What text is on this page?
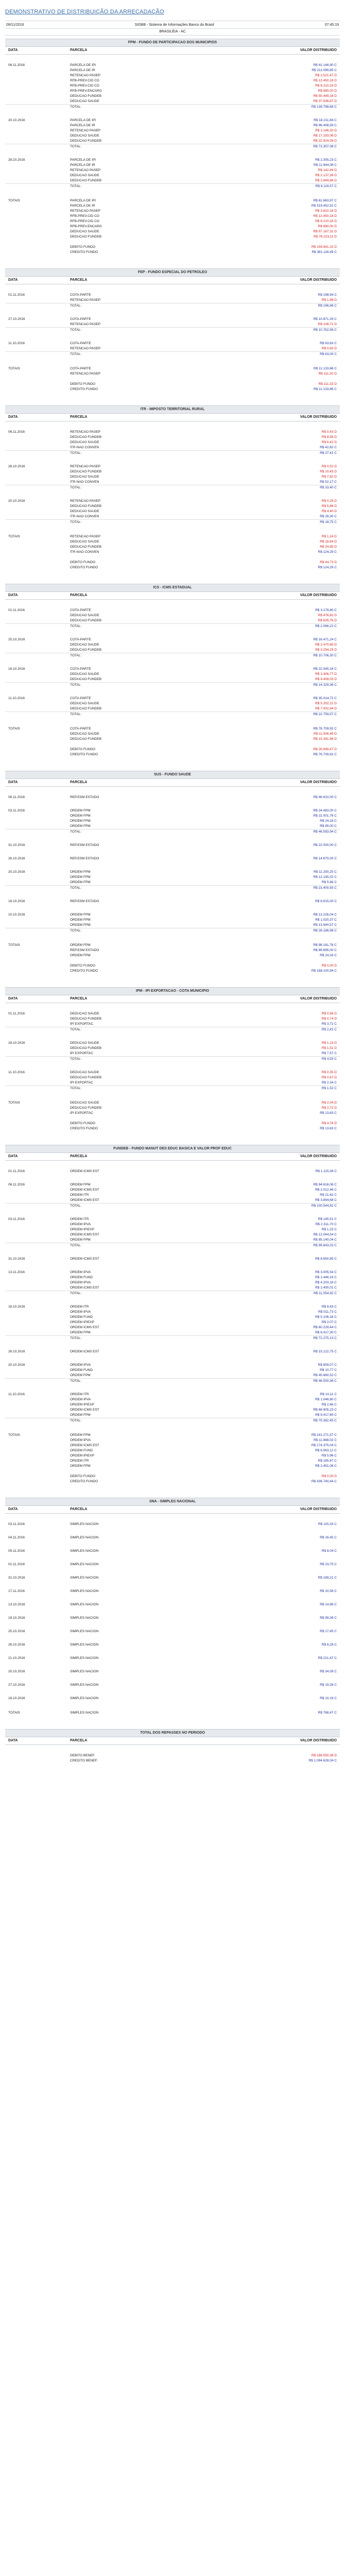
DEMONSTRATIVO DE DISTRIBUIÇÃO DA ARRECADAÇÃO
09/11/2016	SIGBB - Sistema de Informações Banco do Brasil	07:45:19
BRASILÉIA - AC
FPM - FUNDO DE PARTICIPACAO DOS MUNICIPIOS
DATA	PARCELA	VALOR DISTRIBUIDO
06.11.2016	PARCELA DE IPI	R$ 41.146,90 C
PARCELA DE IR	R$ 211.099,85 C
RETENCAO PASEP	R$ 2.521,47 D
RFB-PREV.CID CO	R$ 12.450,18 D
RFB-PREV.CID CO	R$ 8.210,33 D
RFB-PREV.ENCARG	R$ 980,00 D
DEDUCAO FUNDEB	R$ 50.449,16 D
DEDUCAO SAUDE	R$ 37.836,87 D
TOTAL:	R$ 139.798,69 C
20.10.2016	PARCELA DE IPI	R$ 18.211,84 C
PARCELA DE IR	R$ 96.408,59 C
RETENCAO PASEP	R$ 1.146,20 D
DEDUCAO SAUDE	R$ 17.193,06 D
DEDUCAO FUNDEB	R$ 22.924,09 D
TOTAL:	R$ 73.357,08 C
28.10.2016	PARCELA DE IPI	R$ 2.305,23 C
PARCELA DE IR	R$ 11.944,08 C
RETENCAO PASEP	R$ 142,49 D
DEDUCAO SAUDE	R$ 2.137,39 D
DEDUCAO FUNDEB	R$ 2.849,86 D
TOTAL:	R$ 9.119,57 C
TOTAIS	PARCELA DE IPI	R$ 61.663,97 C
PARCELA DE IR	R$ 319.452,52 C
RETENCAO PASEP	R$ 3.810,16 D
RFB-PREV.CID CO	R$ 12.450,18 D
RFB-PREV.CID CO	R$ 8.210,33 D
RFB-PREV.ENCARG	R$ 980,00 D
DEDUCAO SAUDE	R$ 57.167,32 D
DEDUCAO FUNDEB	R$ 76.223,11 D
DEBITO FUNDO	R$ 159.641,10 D
CREDITO FUNDO	R$ 381.116,49 C
FEP - FUNDO ESPECIAL DO PETROLEO
DATA	PARCELA	VALOR DISTRIBUIDO
01.11.2016	COTA-PARTE	R$ 198,94 C
RETENCAO PASEP	R$ 1,98 D
TOTAL:	R$ 196,96 C
27.10.2016	COTA-PARTE	R$ 10.871,29 C
RETENCAO PASEP	R$ 108,71 D
TOTAL:	R$ 10.762,58 C
11.10.2016	COTA-PARTE	R$ 63,63 C
RETENCAO PASEP	R$ 0,63 D
TOTAL:	R$ 63,00 C
TOTAIS	COTA-PARTE	R$ 11.133,86 C
RETENCAO PASEP	R$ 111,32 D
DEBITO FUNDO	R$ 111,32 D
CREDITO FUNDO	R$ 11.133,86 C
ITR - IMPOSTO TERRITORIAL RURAL
DATA	PARCELA	VALOR DISTRIBUIDO
06.11.2016	RETENCAO PASEP	R$ 0,43 D
DEDUCAO FUNDEB	R$ 8,56 D
DEDUCAO SAUDE	R$ 6,42 D
ITR-NAO CONVEN	R$ 42,82 C
TOTAL:	R$ 27,41 C
28.10.2016	RETENCAO PASEP	R$ 0,52 D
DEDUCAO FUNDEB	R$ 10,43 D
DEDUCAO SAUDE	R$ 7,82 D
ITR-NAO CONVEN	R$ 52,17 C
TOTAL:	R$ 33,40 C
20.10.2016	RETENCAO PASEP	R$ 0,29 D
DEDUCAO FUNDEB	R$ 5,86 D
DEDUCAO SAUDE	R$ 4,40 D
ITR-NAO CONVEN	R$ 29,30 C
TOTAL:	R$ 18,75 C
TOTAIS	RETENCAO PASEP	R$ 1,24 D
DEDUCAO SAUDE	R$ 18,64 D
DEDUCAO FUNDEB	R$ 24,85 D
ITR-NAO CONVEN	R$ 124,29 C
DEBITO FUNDO	R$ 44,73 D
CREDITO FUNDO	R$ 124,29 C
ICS - ICMS ESTADUAL
DATA	PARCELA	VALOR DISTRIBUIDO
01.11.2016	COTA-PARTE	R$ 3.178,80 C
DEDUCAO SAUDE	R$ 476,82 D
DEDUCAO FUNDEB	R$ 635,76 D
TOTAL:	R$ 2.066,22 C
25.10.2016	COTA-PARTE	R$ 16.471,24 C
DEDUCAO SAUDE	R$ 2.470,69 D
DEDUCAO FUNDEB	R$ 3.294,25 D
TOTAL:	R$ 10.706,30 C
18.10.2016	COTA-PARTE	R$ 22.045,16 C
DEDUCAO SAUDE	R$ 3.306,77 D
DEDUCAO FUNDEB	R$ 4.409,03 D
TOTAL:	R$ 14.329,36 C
11.10.2016	COTA-PARTE	R$ 35.014,72 C
DEDUCAO SAUDE	R$ 5.252,21 D
DEDUCAO FUNDEB	R$ 7.002,94 D
TOTAL:	R$ 22.759,57 C
TOTAIS	COTA-PARTE	R$ 76.709,92 C
DEDUCAO SAUDE	R$ 11.506,49 D
DEDUCAO FUNDEB	R$ 15.341,98 D
DEBITO FUNDO	R$ 26.848,47 D
CREDITO FUNDO	R$ 76.709,92 C
SUS - FUNDO SAUDE
DATA	PARCELA	VALOR DISTRIBUIDO
06.11.2016	REP.ESM ESTADO	R$ 46.610,00 C
03.11.2016	ORDEM FPM	R$ 24.483,00 C
ORDEM FPM	R$ 22.001,78 C
ORDEM FPM	R$ 24,16 C
ORDEM FPM	R$ 85,00 C
TOTAL:	R$ 46.593,94 C
31.10.2016	REP.ESM ESTADO	R$ 22.000,00 C
26.10.2016	REP.ESM ESTADO	R$ 14.670,00 C
20.10.2016	ORDEM FPM	R$ 11.250,25 C
ORDEM FPM	R$ 12.145,02 C
ORDEM FPM	R$ 5,66 C
TOTAL:	R$ 23.400,93 C
18.10.2016	REP.ESM ESTADO	R$ 6.615,00 C
10.10.2016	ORDEM FPM	R$ 13.226,04 C
ORDEM FPM	R$ 1.020,37 C
ORDEM FPM	R$ 13.940,57 C
TOTAL:	R$ 28.186,98 C
TOTAIS	ORDEM FPM	R$ 98.181,78 C
REP.ESM ESTADO	R$ 89.895,00 C
ORDEM FPM	R$ 24,16 C
DEBITO FUNDO	R$ 0,00 D
CREDITO FUNDO	R$ 188.100,94 C
IPM - IPI EXPORTACAO - COTA MUNICIPIO
DATA	PARCELA	VALOR DISTRIBUIDO
01.11.2016	DEDUCAO SAUDE	R$ 0,56 D
DEDUCAO FUNDEB	R$ 0,74 D
IPI EXPORTAC	R$ 3,72 C
TOTAL:	R$ 2,42 C
18.10.2016	DEDUCAO SAUDE	R$ 1,13 D
DEDUCAO FUNDEB	R$ 1,51 D
IPI EXPORTAC	R$ 7,57 C
TOTAL:	R$ 4,93 C
11.10.2016	DEDUCAO SAUDE	R$ 0,35 D
DEDUCAO FUNDEB	R$ 0,47 D
IPI EXPORTAC	R$ 2,34 C
TOTAL:	R$ 1,52 C
TOTAIS	DEDUCAO SAUDE	R$ 2,04 D
DEDUCAO FUNDEB	R$ 2,72 D
IPI EXPORTAC	R$ 13,63 C
DEBITO FUNDO	R$ 4,76 D
CREDITO FUNDO	R$ 13,63 C
FUNDEB - FUNDO MANUT DES EDUC BASICA E VALOR PROF EDUC
DATA	PARCELA	VALOR DISTRIBUIDO
01.11.2016	ORDEM ICMS EST	R$ 1.115,08 C
06.11.2016	ORDEM FPM	R$ 94.616,06 C
ORDEM ICMS EST	R$ 2.012,46 C
ORDEM ITR	R$ 21,62 C
ORDEM ICMS EST	R$ 3.894,68 C
TOTAL:	R$ 100.544,82 C
03.11.2016	ORDEM ITR	R$ 145,51 C
ORDEM IPVA	R$ 2.311,70 C
ORDEM IPIEXP	R$ 1,23 C
ORDEM ICMS EST	R$ 12.044,54 C
ORDEM FPM	R$ 85.140,04 C
TOTAL:	R$ 99.643,02 C
31.10.2016	ORDEM ICMS EST	R$ 8.650,85 C
13.11.2016	ORDEM IPVA	R$ 3.005,54 C
ORDEM FUND	R$ 1.446,19 C
ORDEM IPVA	R$ 4.203,18 C
ORDEM ICMS EST	R$ 2.400,01 C
TOTAL:	R$ 11.054,92 C
18.10.2016	ORDEM ITR	R$ 8,43 C
ORDEM IPVA	R$ 511,73 C
ORDEM FUND	R$ 5.106,16 C
ORDEM IPIEXP	R$ 2,07 C
ORDEM ICMS EST	R$ 60.229,44 C
ORDEM FPM	R$ 6.417,30 C
TOTAL:	R$ 72.275,13 C
26.10.2016	ORDEM ICMS EST	R$ 15.122,75 C
20.10.2016	ORDEM IPVA	R$ 809,07 C
ORDEM FUND	R$ 10,77 C
ORDEM FPM	R$ 45.680,52 C
TOTAL:	R$ 46.500,36 C
11.10.2016	ORDEM ITR	R$ 10,11 C
ORDEM IPVA	R$ 1.046,80 C
ORDEM IPIEXP	R$ 2,66 C
ORDEM ICMS EST	R$ 68.905,23 C
ORDEM FPM	R$ 9.417,65 C
TOTAL:	R$ 79.382,45 C
TOTAIS	ORDEM FPM	R$ 241.271,57 C
ORDEM IPVA	R$ 11.888,02 C
ORDEM ICMS EST	R$ 174.375,04 C
ORDEM FUND	R$ 6.563,12 C
ORDEM IPIEXP	R$ 5,96 C
ORDEM ITR	R$ 185,67 C
ORDEM FPM	R$ 2.451,06 C
DEBITO FUNDO	R$ 0,00 D
CREDITO FUNDO	R$ 436.740,44 C
SNA - SIMPLES NACIONAL
DATA	PARCELA	VALOR DISTRIBUIDO
03.11.2016	SIMPLES NACION	R$ 115,33 C
04.11.2016	SIMPLES NACION	R$ 16,45 C
05.11.2016	SIMPLES NACION	R$ 8,04 C
01.11.2016	SIMPLES NACION	R$ 23,75 C
31.10.2016	SIMPLES NACION	R$ 189,21 C
17.11.2016	SIMPLES NACION	R$ 10,58 C
13.10.2016	SIMPLES NACION	R$ 14,96 C
19.10.2016	SIMPLES NACION	R$ 99,39 C
25.10.2016	SIMPLES NACION	R$ 17,45 C
26.10.2016	SIMPLES NACION	R$ 8,28 C
21.10.2016	SIMPLES NACION	R$ 221,47 C
20.10.2016	SIMPLES NACION	R$ 34,09 C
27.10.2016	SIMPLES NACION	R$ 19,28 C
18.10.2016	SIMPLES NACION	R$ 10,19 C
TOTAIS	SIMPLES NACION	R$ 788,47 C
TOTAL DOS REPASSES NO PERIODO
DATA	PARCELA	VALOR DISTRIBUIDO
DEBITO BENEF.	R$ 186.550,38 D
CREDITO BENEF.	R$ 1.094.628,04 C
